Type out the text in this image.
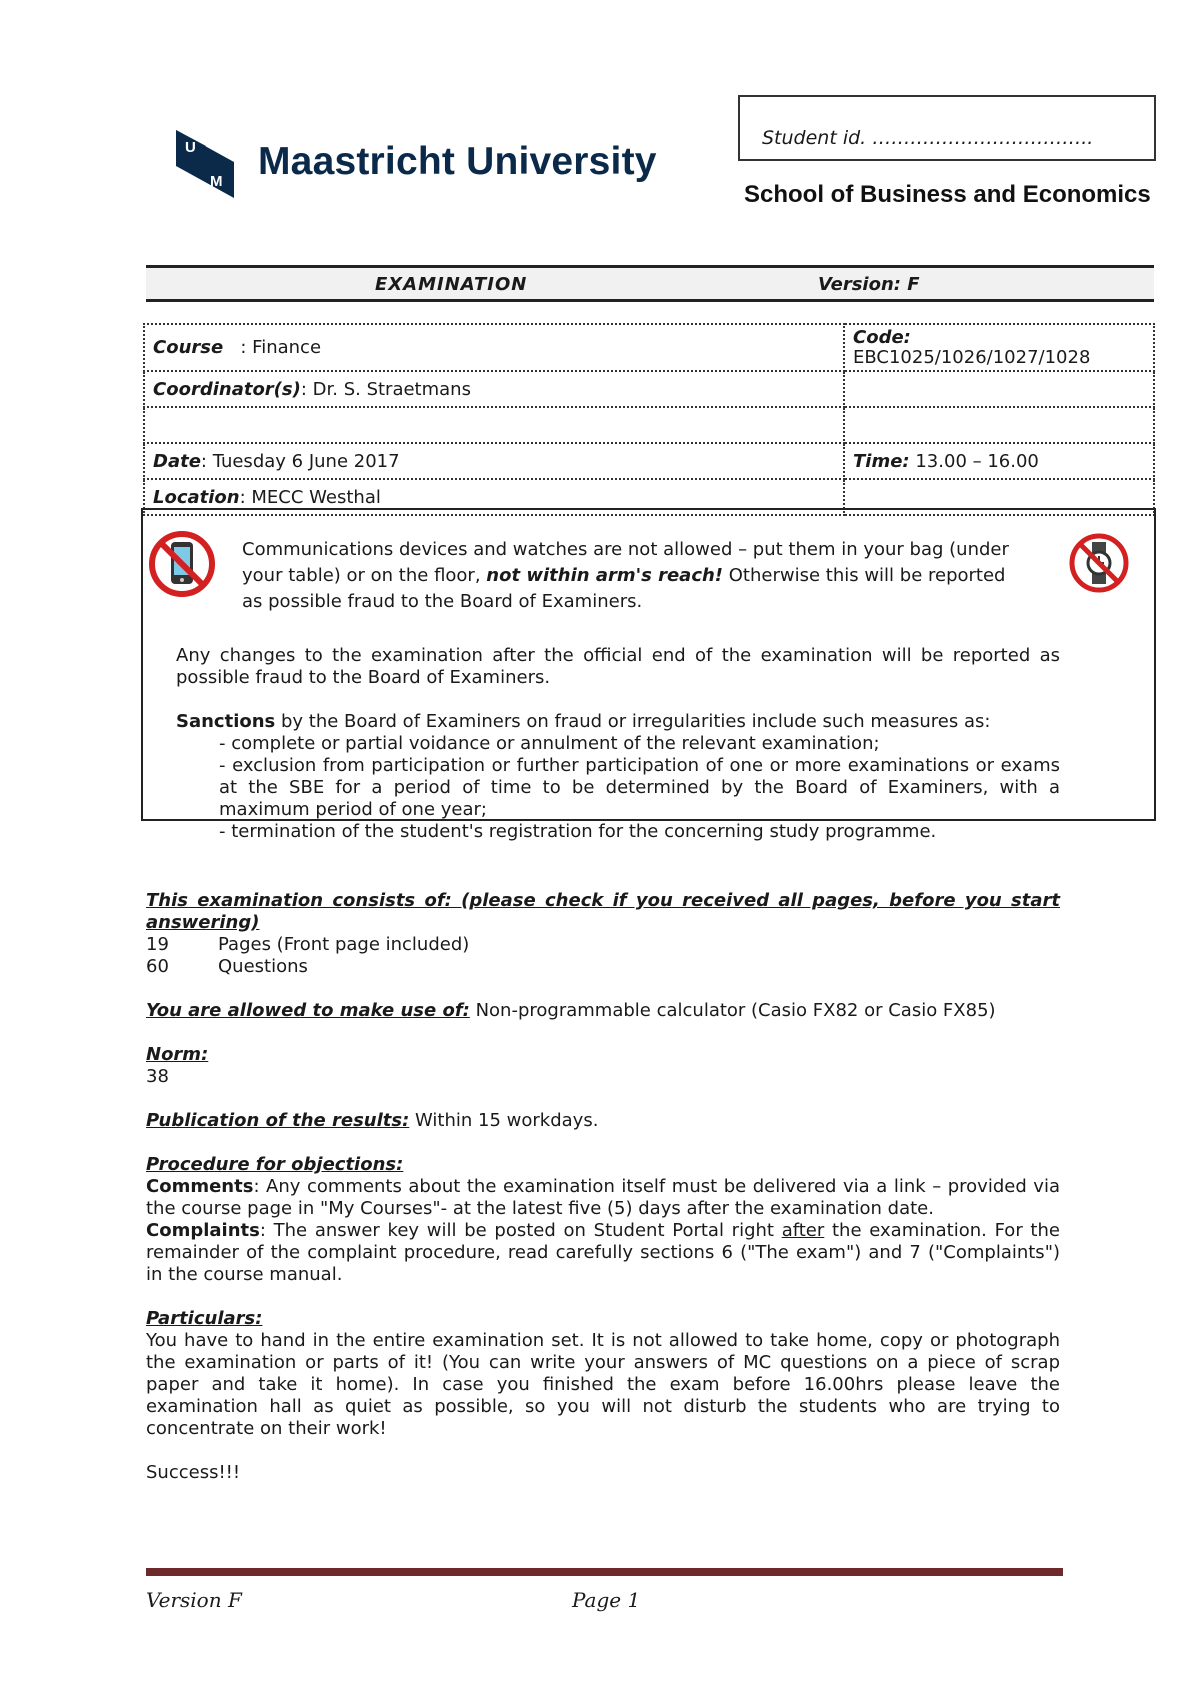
Student id. ……………………………..
U
M Maastricht University
School of Business and Economics
EXAMINATION	Version: F
Course : Finance	Code:
EBC1025/1026/1027/1028
Coordinator(s): Dr. S. Straetmans	

Date: Tuesday 6 June 2017	Time: 13.00 – 16.00
Location: MECC Westhal	
Communications devices and watches are not allowed – put them in your bag (under
your table) or on the floor, not within arm's reach! Otherwise this will be reported
as possible fraud to the Board of Examiners.
Any changes to the examination after the official end of the examination will be reported as possible fraud to the Board of Examiners.
Sanctions by the Board of Examiners on fraud or irregularities include such measures as:
- complete or partial voidance or annulment of the relevant examination;
- exclusion from participation or further participation of one or more examinations or exams at the SBE for a period of time to be determined by the Board of Examiners, with a maximum period of one year;
- termination of the student's registration for the concerning study programme.
This examination consists of: (please check if you received all pages, before you start answering)
19	Pages (Front page included)
60	Questions
You are allowed to make use of: Non-programmable calculator (Casio FX82 or Casio FX85)
Norm:
38
Publication of the results: Within 15 workdays.
Procedure for objections:
Comments: Any comments about the examination itself must be delivered via a link – provided via the course page in "My Courses"- at the latest five (5) days after the examination date.
Complaints: The answer key will be posted on Student Portal right after the examination. For the remainder of the complaint procedure, read carefully sections 6 ("The exam") and 7 ("Complaints") in the course manual.
Particulars:
You have to hand in the entire examination set. It is not allowed to take home, copy or photograph the examination or parts of it! (You can write your answers of MC questions on a piece of scrap paper and take it home). In case you finished the exam before 16.00hrs please leave the examination hall as quiet as possible, so you will not disturb the students who are trying to concentrate on their work!
Success!!!
Version F	Page 1
